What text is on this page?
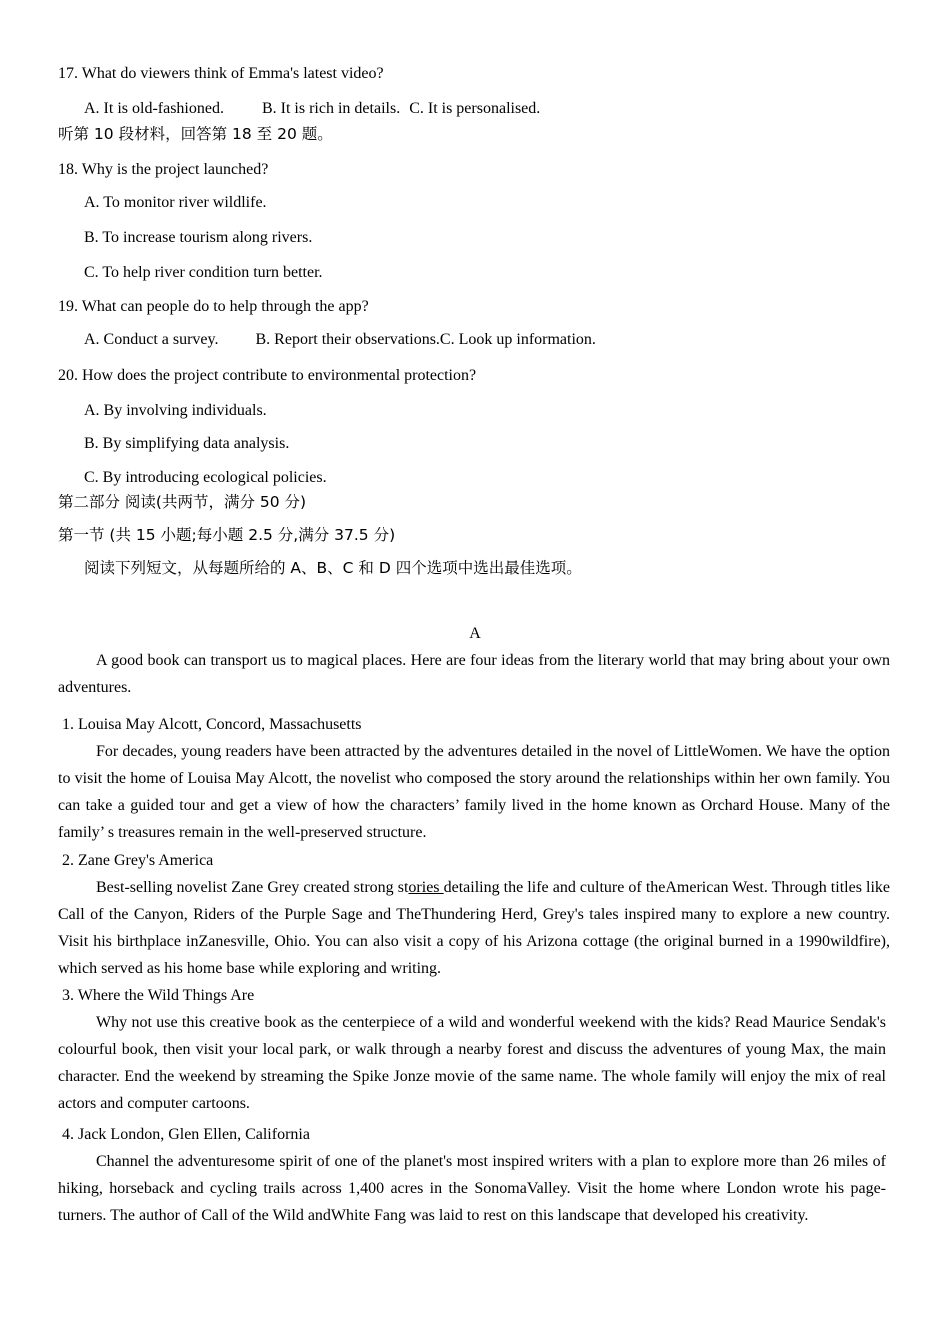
17. What do viewers think of Emma's latest video?
A. It is old-fashioned. B. It is rich in details. C. It is personalised.
听第 10 段材料，回答第 18 至 20 题。
18. Why is the project launched?
A. To monitor river wildlife.
B. To increase tourism along rivers.
C. To help river condition turn better.
19. What can people do to help through the app?
A. Conduct a survey. B. Report their observations.C. Look up information.
20. How does the project contribute to environmental protection?
A. By involving individuals.
B. By simplifying data analysis.
C. By introducing ecological policies.
第二部分 阅读(共两节，满分 50 分)
第一节 (共 15 小题;每小题 2.5 分,满分 37.5 分)
阅读下列短文，从每题所给的 A、B、C 和 D 四个选项中选出最佳选项。
A

A good book can transport us to magical places. Here are four ideas from the literary world that may bring about your own adventures.

1. Louisa May Alcott, Concord, Massachusetts

For decades, young readers have been attracted by the adventures detailed in the novel of LittleWomen. We have the option to visit the home of Louisa May Alcott, the novelist who composed the story around the relationships within her own family. You can take a guided tour and get a view of how the characters’ family lived in the home known as Orchard House. Many of the family’ s treasures remain in the well-preserved structure.

2. Zane Grey's America

Best-selling novelist Zane Grey created strong stories detailing the life and culture of theAmerican West. Through titles like Call of the Canyon, Riders of the Purple Sage and TheThundering Herd, Grey's tales inspired many to explore a new country. Visit his birthplace inZanesville, Ohio. You can also visit a copy of his Arizona cottage (the original burned in a 1990wildfire), which served as his home base while exploring and writing.

3. Where the Wild Things Are

Why not use this creative book as the centerpiece of a wild and wonderful weekend with the kids? Read Maurice Sendak's colourful book, then visit your local park, or walk through a nearby forest and discuss the adventures of young Max, the main character. End the weekend by streaming the Spike Jonze movie of the same name. The whole family will enjoy the mix of real actors and computer cartoons.

4. Jack London, Glen Ellen, California

Channel the adventuresome spirit of one of the planet's most inspired writers with a plan to explore more than 26 miles of hiking, horseback and cycling trails across 1,400 acres in the SonomaValley. Visit the home where London wrote his page-turners. The author of Call of the Wild andWhite Fang was laid to rest on this landscape that developed his creativity.
